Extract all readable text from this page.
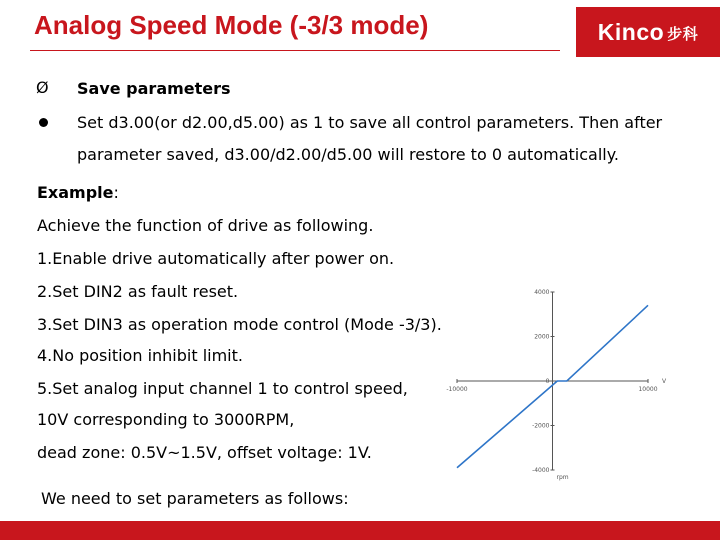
Analog Speed Mode (-3/3 mode)	Kinco 步科
Ø Save parameters
Set d3.00(or d2.00,d5.00) as 1 to save all control parameters. Then after
parameter saved, d3.00/d2.00/d5.00 will restore to 0 automatically.
Example:
Achieve the function of drive as following.
1.Enable drive automatically after power on.
2.Set DIN2 as fault reset.
3.Set DIN3 as operation mode control (Mode -3/3).
4.No position inhibit limit.
5.Set analog input channel 1 to control speed,
10V corresponding to 3000RPM,
dead zone: 0.5V~1.5V, offset voltage: 1V.
We need to set parameters as follows:
4000
2000
0
-2000
-4000
-10000	10000
V
rpm
